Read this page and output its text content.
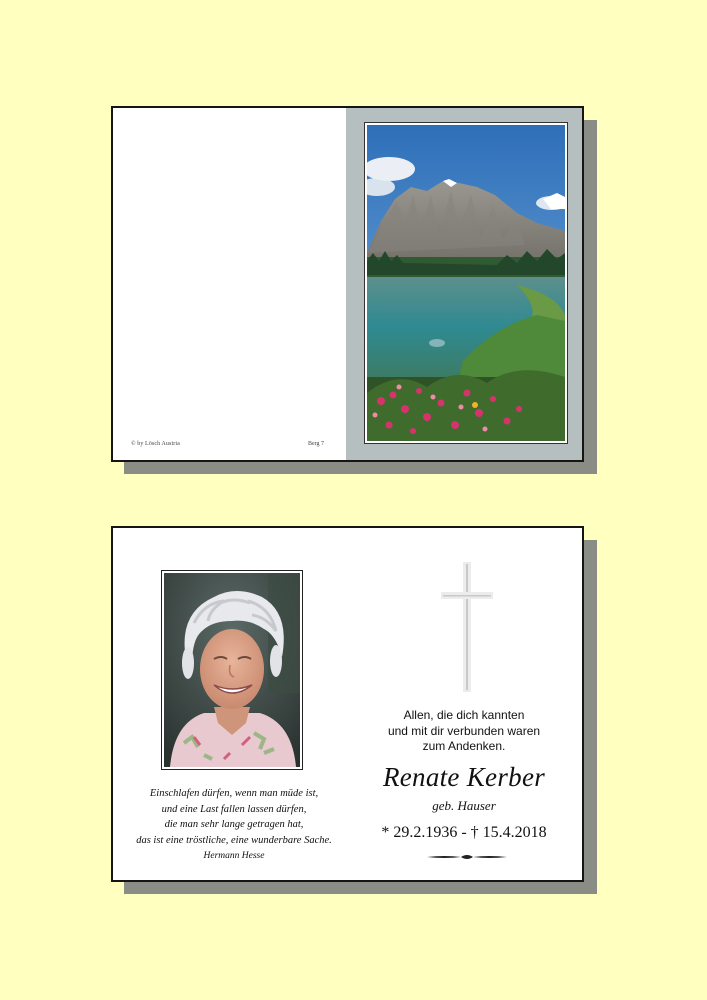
© by Lösch Austria	Berg 7
Einschlafen dürfen, wenn man müde ist,
und eine Last fallen lassen dürfen,
die man sehr lange getragen hat,
das ist eine tröstliche, eine wunderbare Sache.
Hermann Hesse
Allen, die dich kannten
und mit dir verbunden waren
zum Andenken.
Renate Kerber
geb. Hauser
* 29.2.1936 - † 15.4.2018
